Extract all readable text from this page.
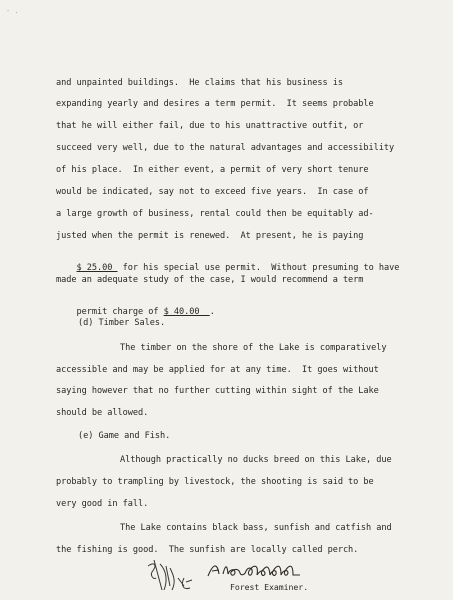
- .
and unpainted buildings.  He claims that his business is
expanding yearly and desires a term permit.  It seems probable
that he will either fail, due to his unattractive outfit, or
succeed very well, due to the natural advantages and accessibility
of his place.  In either event, a permit of very short tenure
would be indicated, say not to exceed five years.  In case of
a large growth of business, rental could then be equitably ad-
justed when the permit is renewed.  At present, he is paying

$ 25.00  for his special use permit.  Without presuming to have

made an adequate study of the case, I would recommend a term

permit charge of $ 40.00  .

(d) Timber Sales.
The timber on the shore of the Lake is comparatively
accessible and may be applied for at any time.  It goes without
saying however that no further cutting within sight of the Lake
should be allowed.
(e) Game and Fish.
Although practically no ducks breed on this Lake, due
probably to trampling by livestock, the shooting is said to be
very good in fall.
The Lake contains black bass, sunfish and catfish and
the fishing is good.  The sunfish are locally called perch.
Forest Examiner.
